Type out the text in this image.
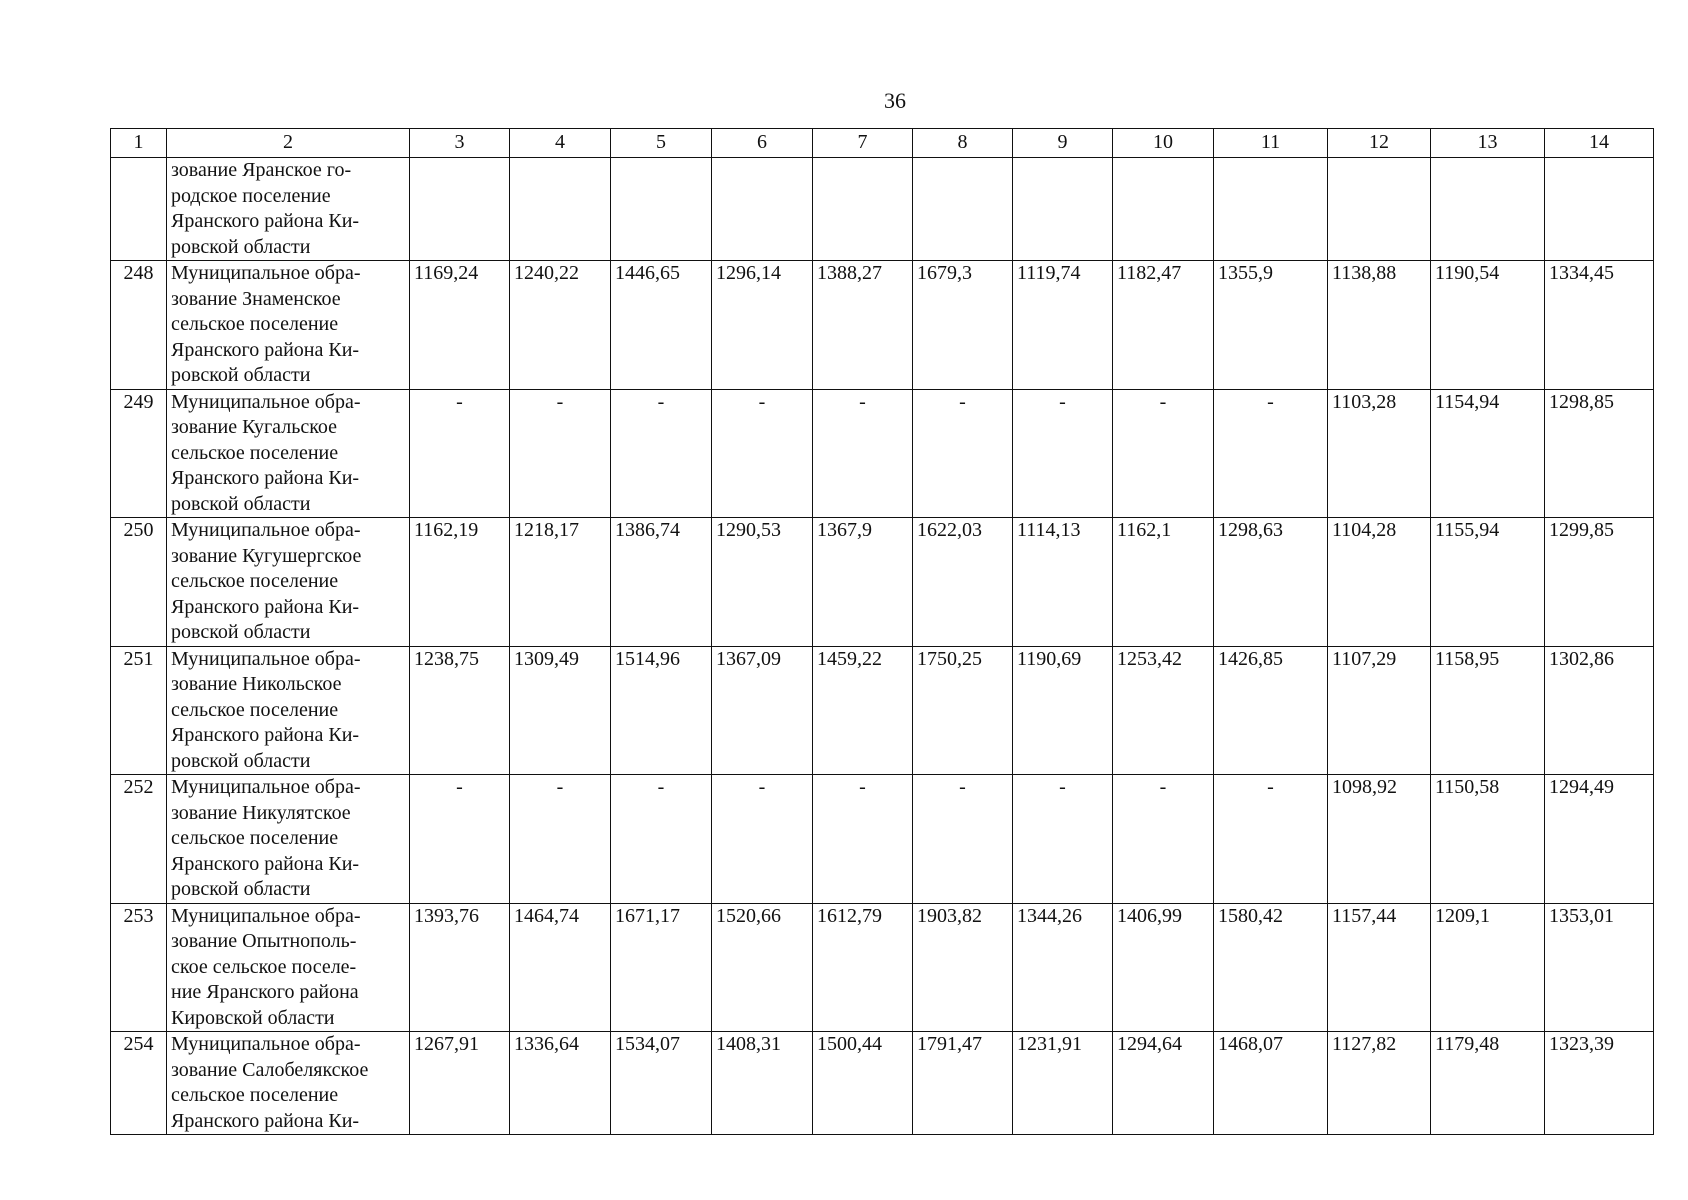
36
1	2	3	4	5	6	7	8	9	10	11	12	13	14
	зование Яранское го-
родское поселение
Яранского района Ки-
ровской области												
248	Муниципальное обра-
зование Знаменское
сельское поселение
Яранского района Ки-
ровской области	1169,24	1240,22	1446,65	1296,14	1388,27	1679,3	1119,74	1182,47	1355,9	1138,88	1190,54	1334,45
249	Муниципальное обра-
зование Кугальское
сельское поселение
Яранского района Ки-
ровской области	-	-	-	-	-	-	-	-	-	1103,28	1154,94	1298,85
250	Муниципальное обра-
зование Кугушергское
сельское поселение
Яранского района Ки-
ровской области	1162,19	1218,17	1386,74	1290,53	1367,9	1622,03	1114,13	1162,1	1298,63	1104,28	1155,94	1299,85
251	Муниципальное обра-
зование Никольское
сельское поселение
Яранского района Ки-
ровской области	1238,75	1309,49	1514,96	1367,09	1459,22	1750,25	1190,69	1253,42	1426,85	1107,29	1158,95	1302,86
252	Муниципальное обра-
зование Никулятское
сельское поселение
Яранского района Ки-
ровской области	-	-	-	-	-	-	-	-	-	1098,92	1150,58	1294,49
253	Муниципальное обра-
зование Опытнополь-
ское сельское поселе-
ние Яранского района
Кировской области	1393,76	1464,74	1671,17	1520,66	1612,79	1903,82	1344,26	1406,99	1580,42	1157,44	1209,1	1353,01
254	Муниципальное обра-
зование Салобелякское
сельское поселение
Яранского района Ки-	1267,91	1336,64	1534,07	1408,31	1500,44	1791,47	1231,91	1294,64	1468,07	1127,82	1179,48	1323,39
